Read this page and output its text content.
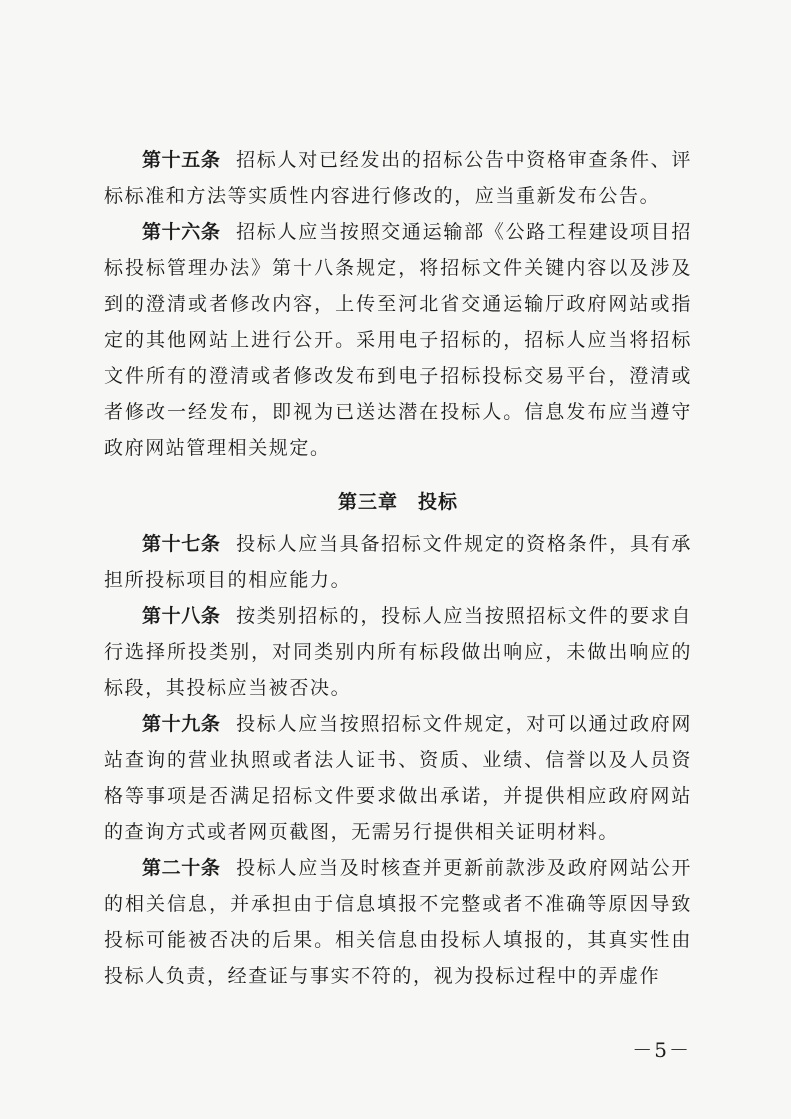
第十五条 招标人对已经发出的招标公告中资格审查条件、评标标准和方法等实质性内容进行修改的，应当重新发布公告。

第十六条 招标人应当按照交通运输部《公路工程建设项目招标投标管理办法》第十八条规定，将招标文件关键内容以及涉及到的澄清或者修改内容，上传至河北省交通运输厅政府网站或指定的其他网站上进行公开。采用电子招标的，招标人应当将招标文件所有的澄清或者修改发布到电子招标投标交易平台，澄清或者修改一经发布，即视为已送达潜在投标人。信息发布应当遵守政府网站管理相关规定。

第三章　投标

第十七条 投标人应当具备招标文件规定的资格条件，具有承担所投标项目的相应能力。

第十八条 按类别招标的，投标人应当按照招标文件的要求自行选择所投类别，对同类别内所有标段做出响应，未做出响应的标段，其投标应当被否决。

第十九条 投标人应当按照招标文件规定，对可以通过政府网站查询的营业执照或者法人证书、资质、业绩、信誉以及人员资格等事项是否满足招标文件要求做出承诺，并提供相应政府网站的查询方式或者网页截图，无需另行提供相关证明材料。

第二十条 投标人应当及时核查并更新前款涉及政府网站公开的相关信息，并承担由于信息填报不完整或者不准确等原因导致投标可能被否决的后果。相关信息由投标人填报的，其真实性由投标人负责，经查证与事实不符的，视为投标过程中的弄虚作

－5－
